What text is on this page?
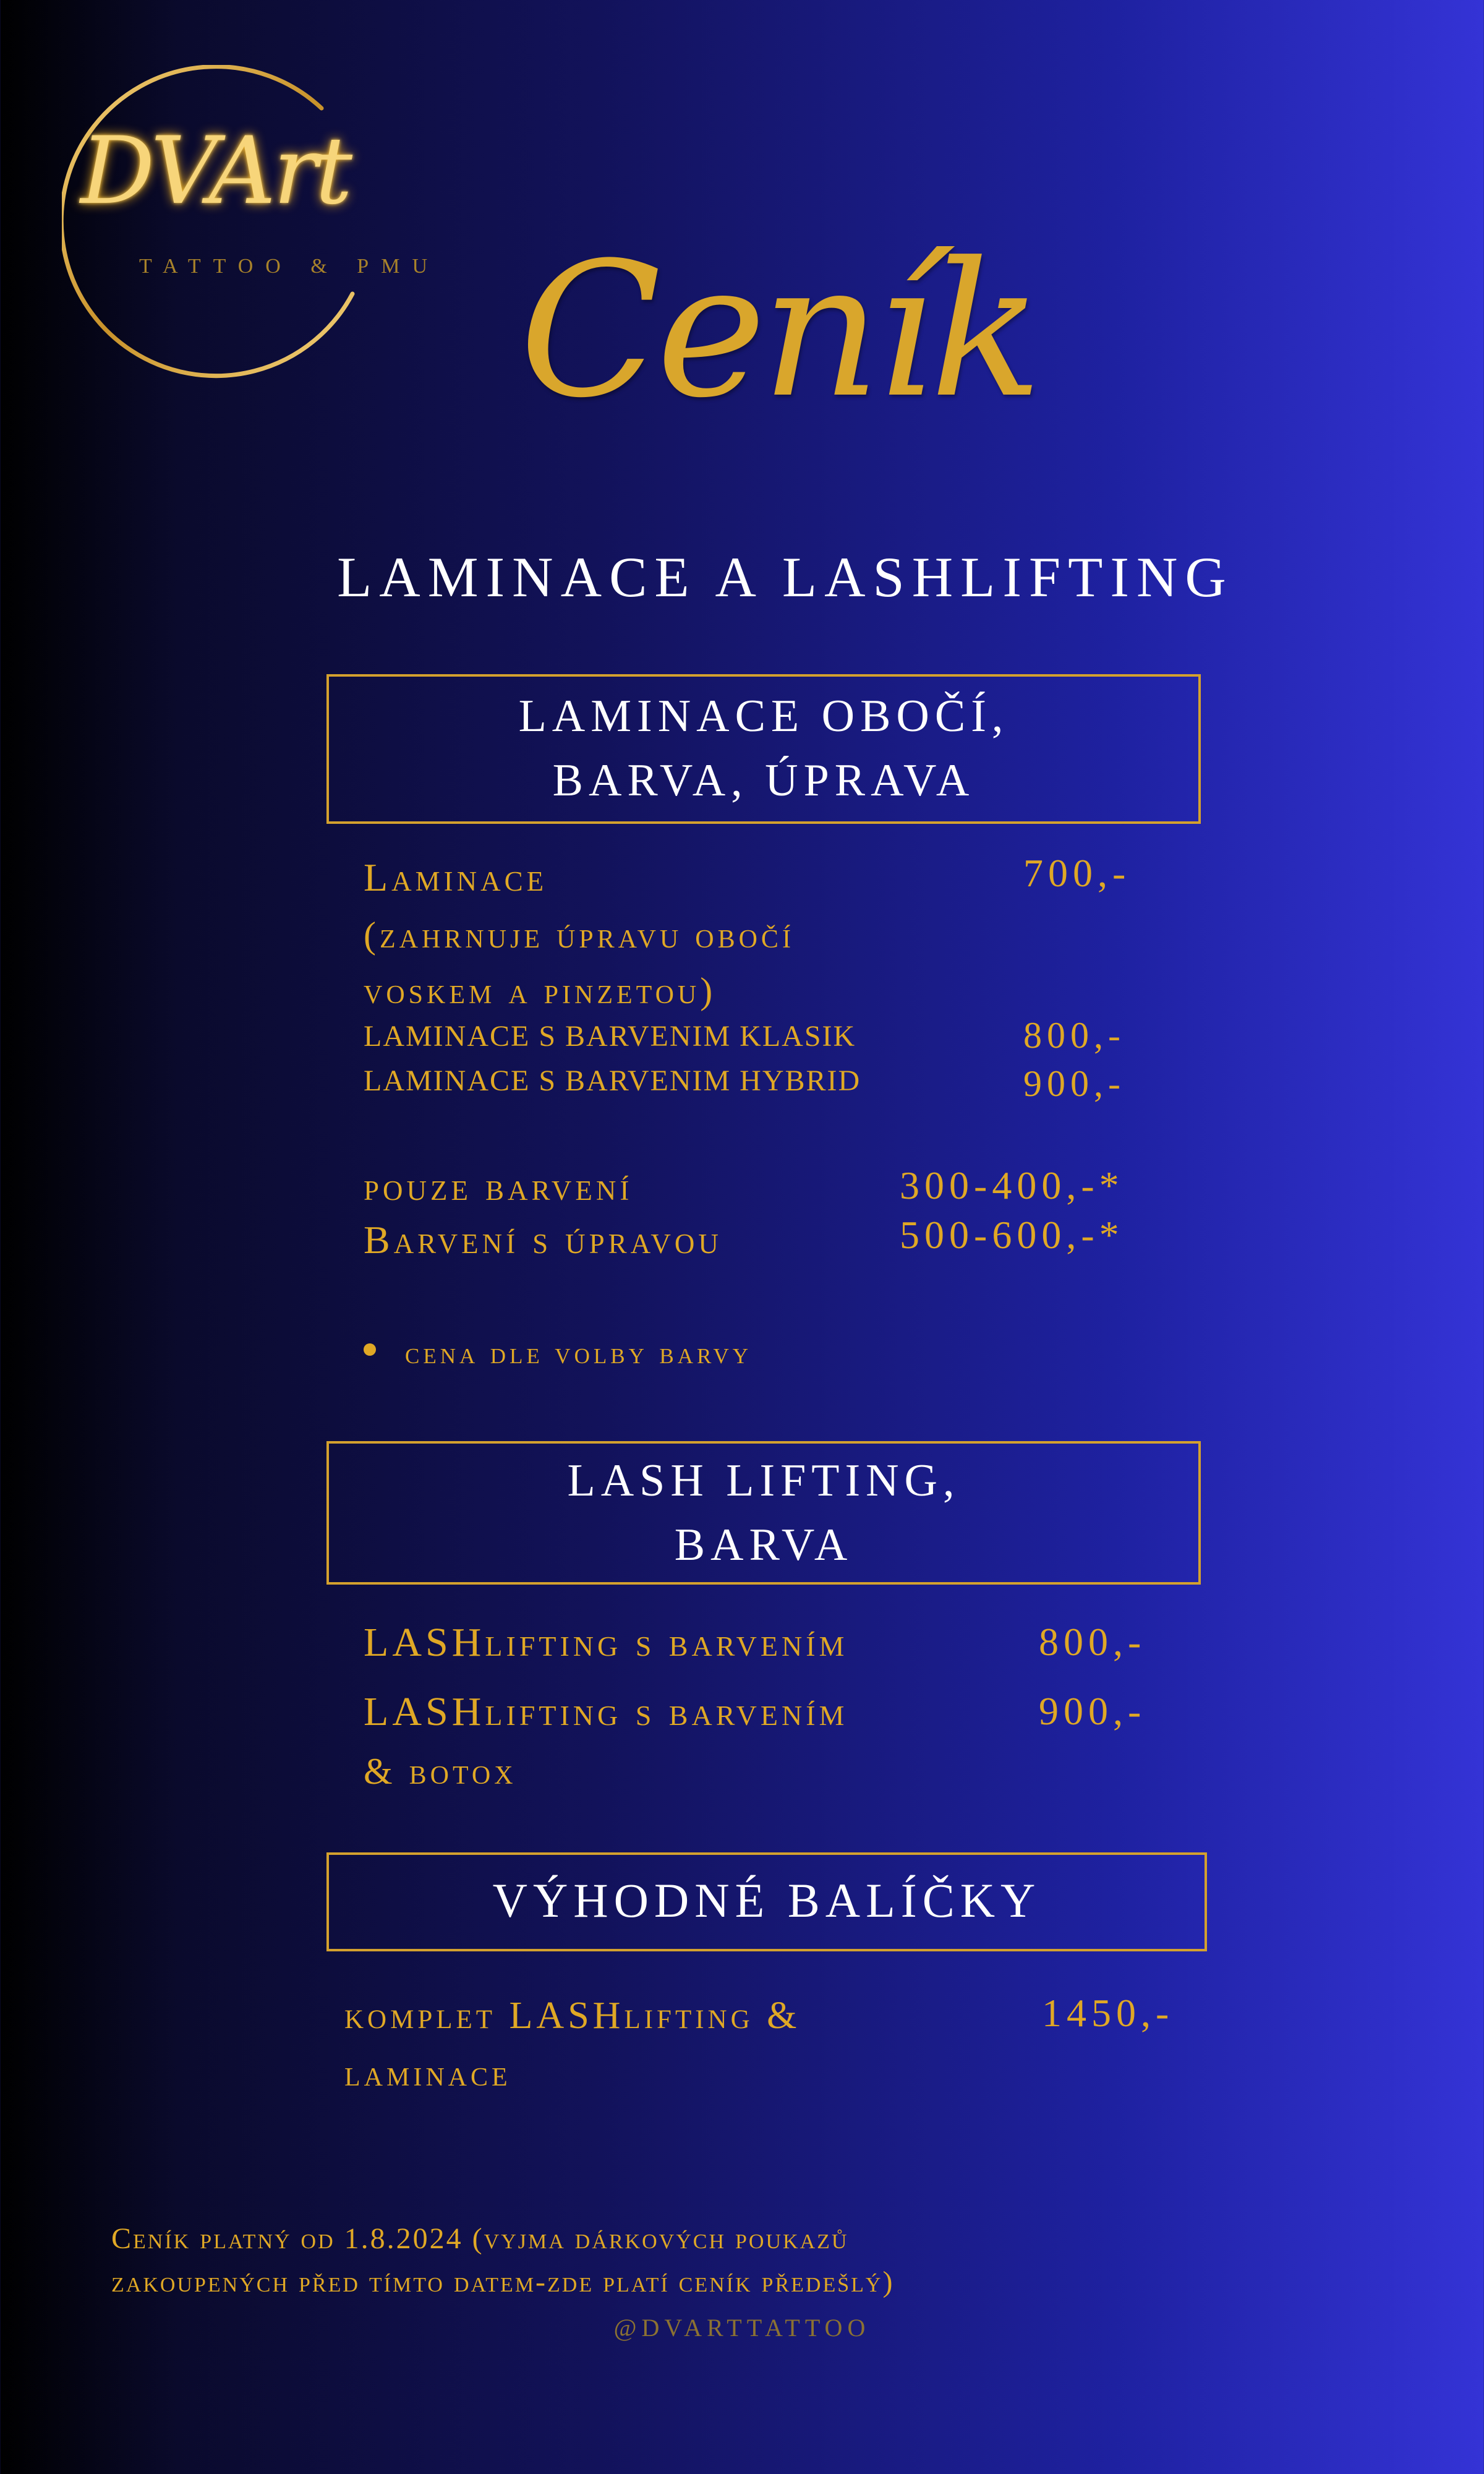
DVArt
TATTOO & PMU Ceník
LAMINACE A LASHLIFTING
LAMINACE OBOČÍ,
BARVA, ÚPRAVA
Laminace	700,-
(zahrnuje úpravu obočí
voskem a pinzetou)
LAMINACE S BARVENIM KLASIK	800,-
LAMINACE S BARVENIM HYBRID	900,-
pouze barvení	300-400,-*
Barvení s úpravou	500-600,-*
cena dle volby barvy
LASH LIFTING,
BARVA
LASHlifting s barvením	800,-
LASHlifting s barvením	900,-
& botox
VÝHODNÉ BALÍČKY
komplet LASHlifting &	1450,-
laminace
Ceník platný od 1.8.2024 (vyjma dárkových poukazů
zakoupených před tímto datem-zde platí ceník předešlý)
@DVARTTATTOO
